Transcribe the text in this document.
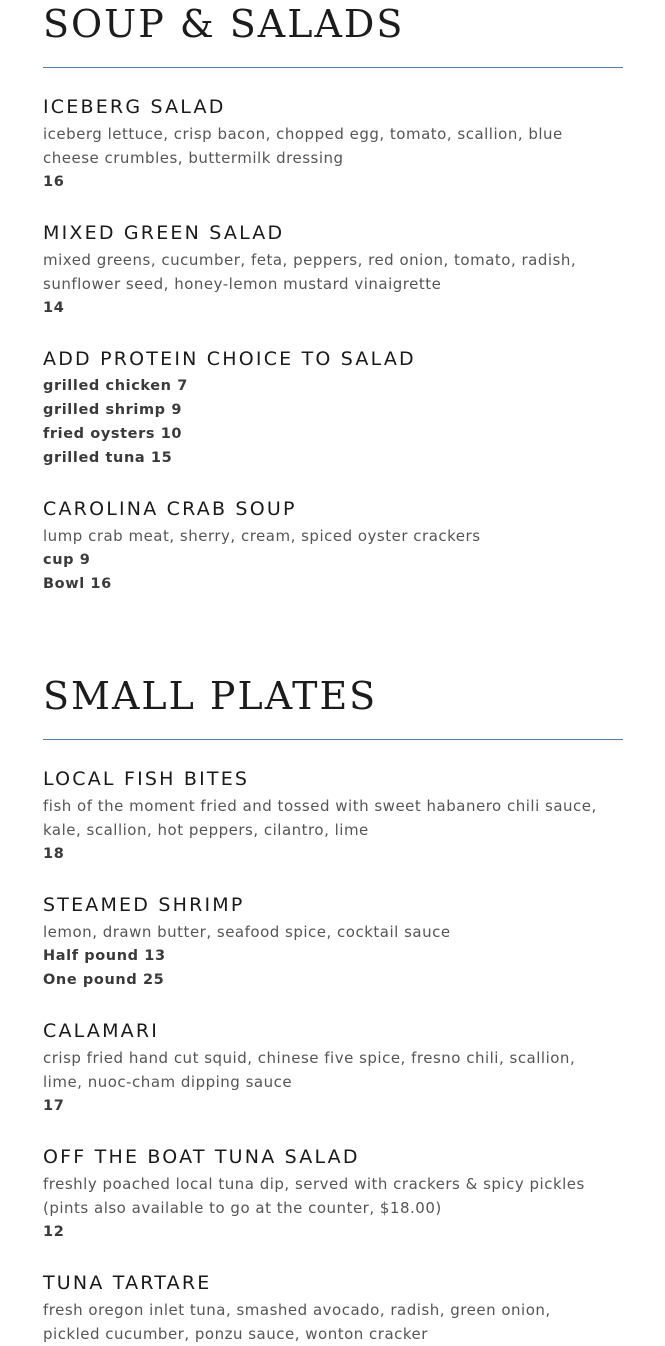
SOUP & SALADS
ICEBERG SALAD

iceberg lettuce, crisp bacon, chopped egg, tomato, scallion, blue

cheese crumbles, buttermilk dressing

16

MIXED GREEN SALAD

mixed greens, cucumber, feta, peppers, red onion, tomato, radish,

sunflower seed, honey-lemon mustard vinaigrette

14

ADD PROTEIN CHOICE TO SALAD

grilled chicken 7

grilled shrimp 9

fried oysters 10

grilled tuna 15

CAROLINA CRAB SOUP

lump crab meat, sherry, cream, spiced oyster crackers

cup 9

Bowl 16

SMALL PLATES
LOCAL FISH BITES

fish of the moment fried and tossed with sweet habanero chili sauce,

kale, scallion, hot peppers, cilantro, lime

18

STEAMED SHRIMP

lemon, drawn butter, seafood spice, cocktail sauce

Half pound 13

One pound 25

CALAMARI

crisp fried hand cut squid, chinese five spice, fresno chili, scallion,

lime, nuoc-cham dipping sauce

17

OFF THE BOAT TUNA SALAD

freshly poached local tuna dip, served with crackers & spicy pickles

(pints also available to go at the counter, $18.00)

12

TUNA TARTARE

fresh oregon inlet tuna, smashed avocado, radish, green onion,

pickled cucumber, ponzu sauce, wonton cracker
